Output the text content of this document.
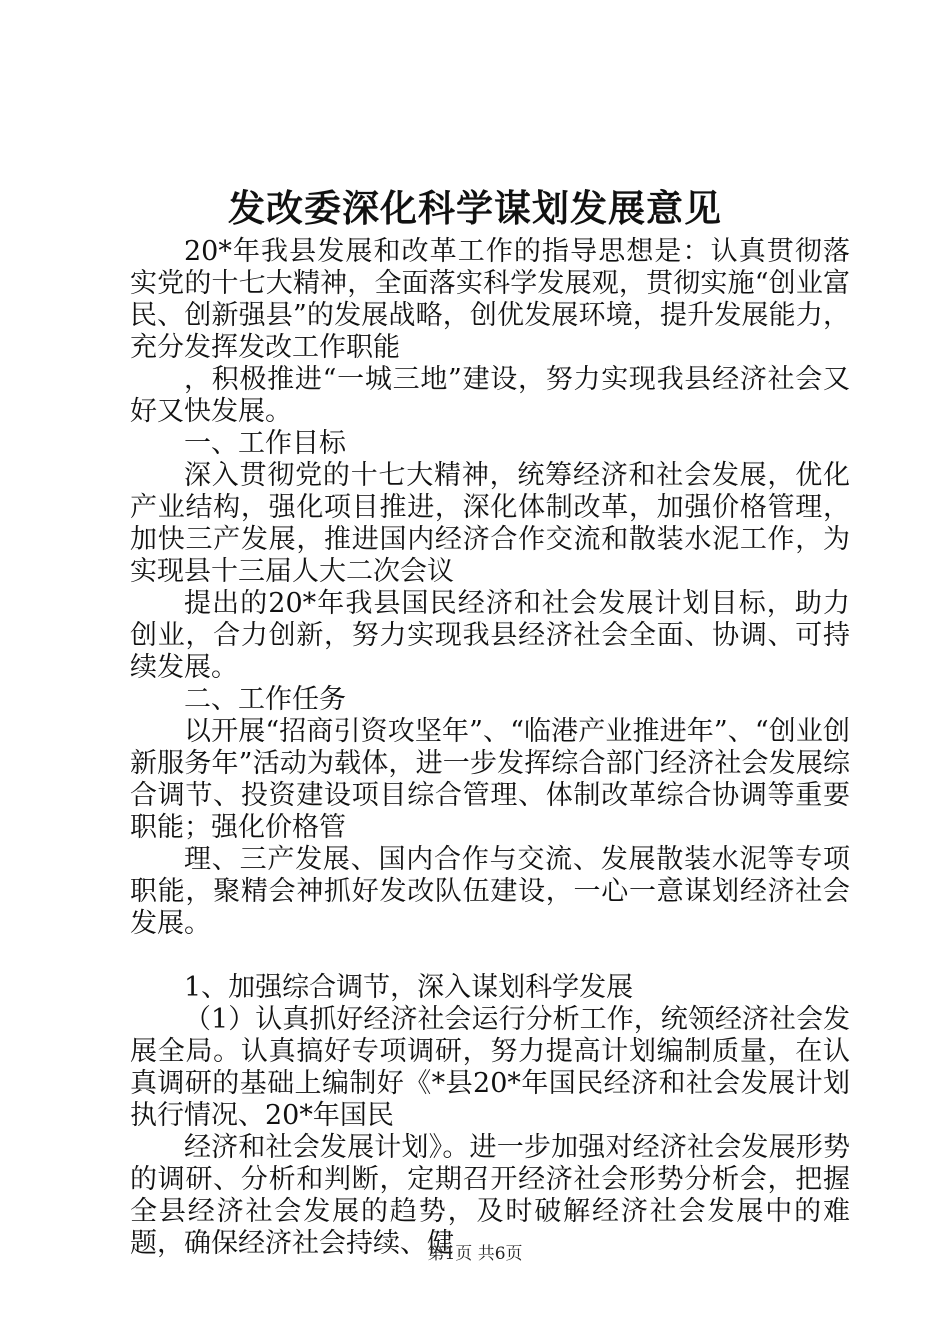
发改委深化科学谋划发展意见

20*年我县发展和改革工作的指导思想是：认真贯彻落实党的十七大精神，全面落实科学发展观，贯彻实施“创业富民、创新强县”的发展战略，创优发展环境，提升发展能力，充分发挥发改工作职能

，积极推进“一城三地”建设，努力实现我县经济社会又好又快发展。

一、工作目标

深入贯彻党的十七大精神，统筹经济和社会发展，优化产业结构，强化项目推进，深化体制改革，加强价格管理，加快三产发展，推进国内经济合作交流和散装水泥工作，为实现县十三届人大二次会议

提出的20*年我县国民经济和社会发展计划目标，助力创业，合力创新，努力实现我县经济社会全面、协调、可持续发展。

二、工作任务

以开展“招商引资攻坚年”、“临港产业推进年”、“创业创新服务年”活动为载体，进一步发挥综合部门经济社会发展综合调节、投资建设项目综合管理、体制改革综合协调等重要职能；强化价格管

理、三产发展、国内合作与交流、发展散装水泥等专项职能，聚精会神抓好发改队伍建设，一心一意谋划经济社会发展。

1、加强综合调节，深入谋划科学发展

（1）认真抓好经济社会运行分析工作，统领经济社会发展全局。认真搞好专项调研，努力提高计划编制质量，在认真调研的基础上编制好《*县20*年国民经济和社会发展计划执行情况、20*年国民

经济和社会发展计划》。进一步加强对经济社会发展形势的调研、分析和判断，定期召开经济社会形势分析会，把握全县经济社会发展的趋势，及时破解经济社会发展中的难题，确保经济社会持续、健

第1页 共6页
